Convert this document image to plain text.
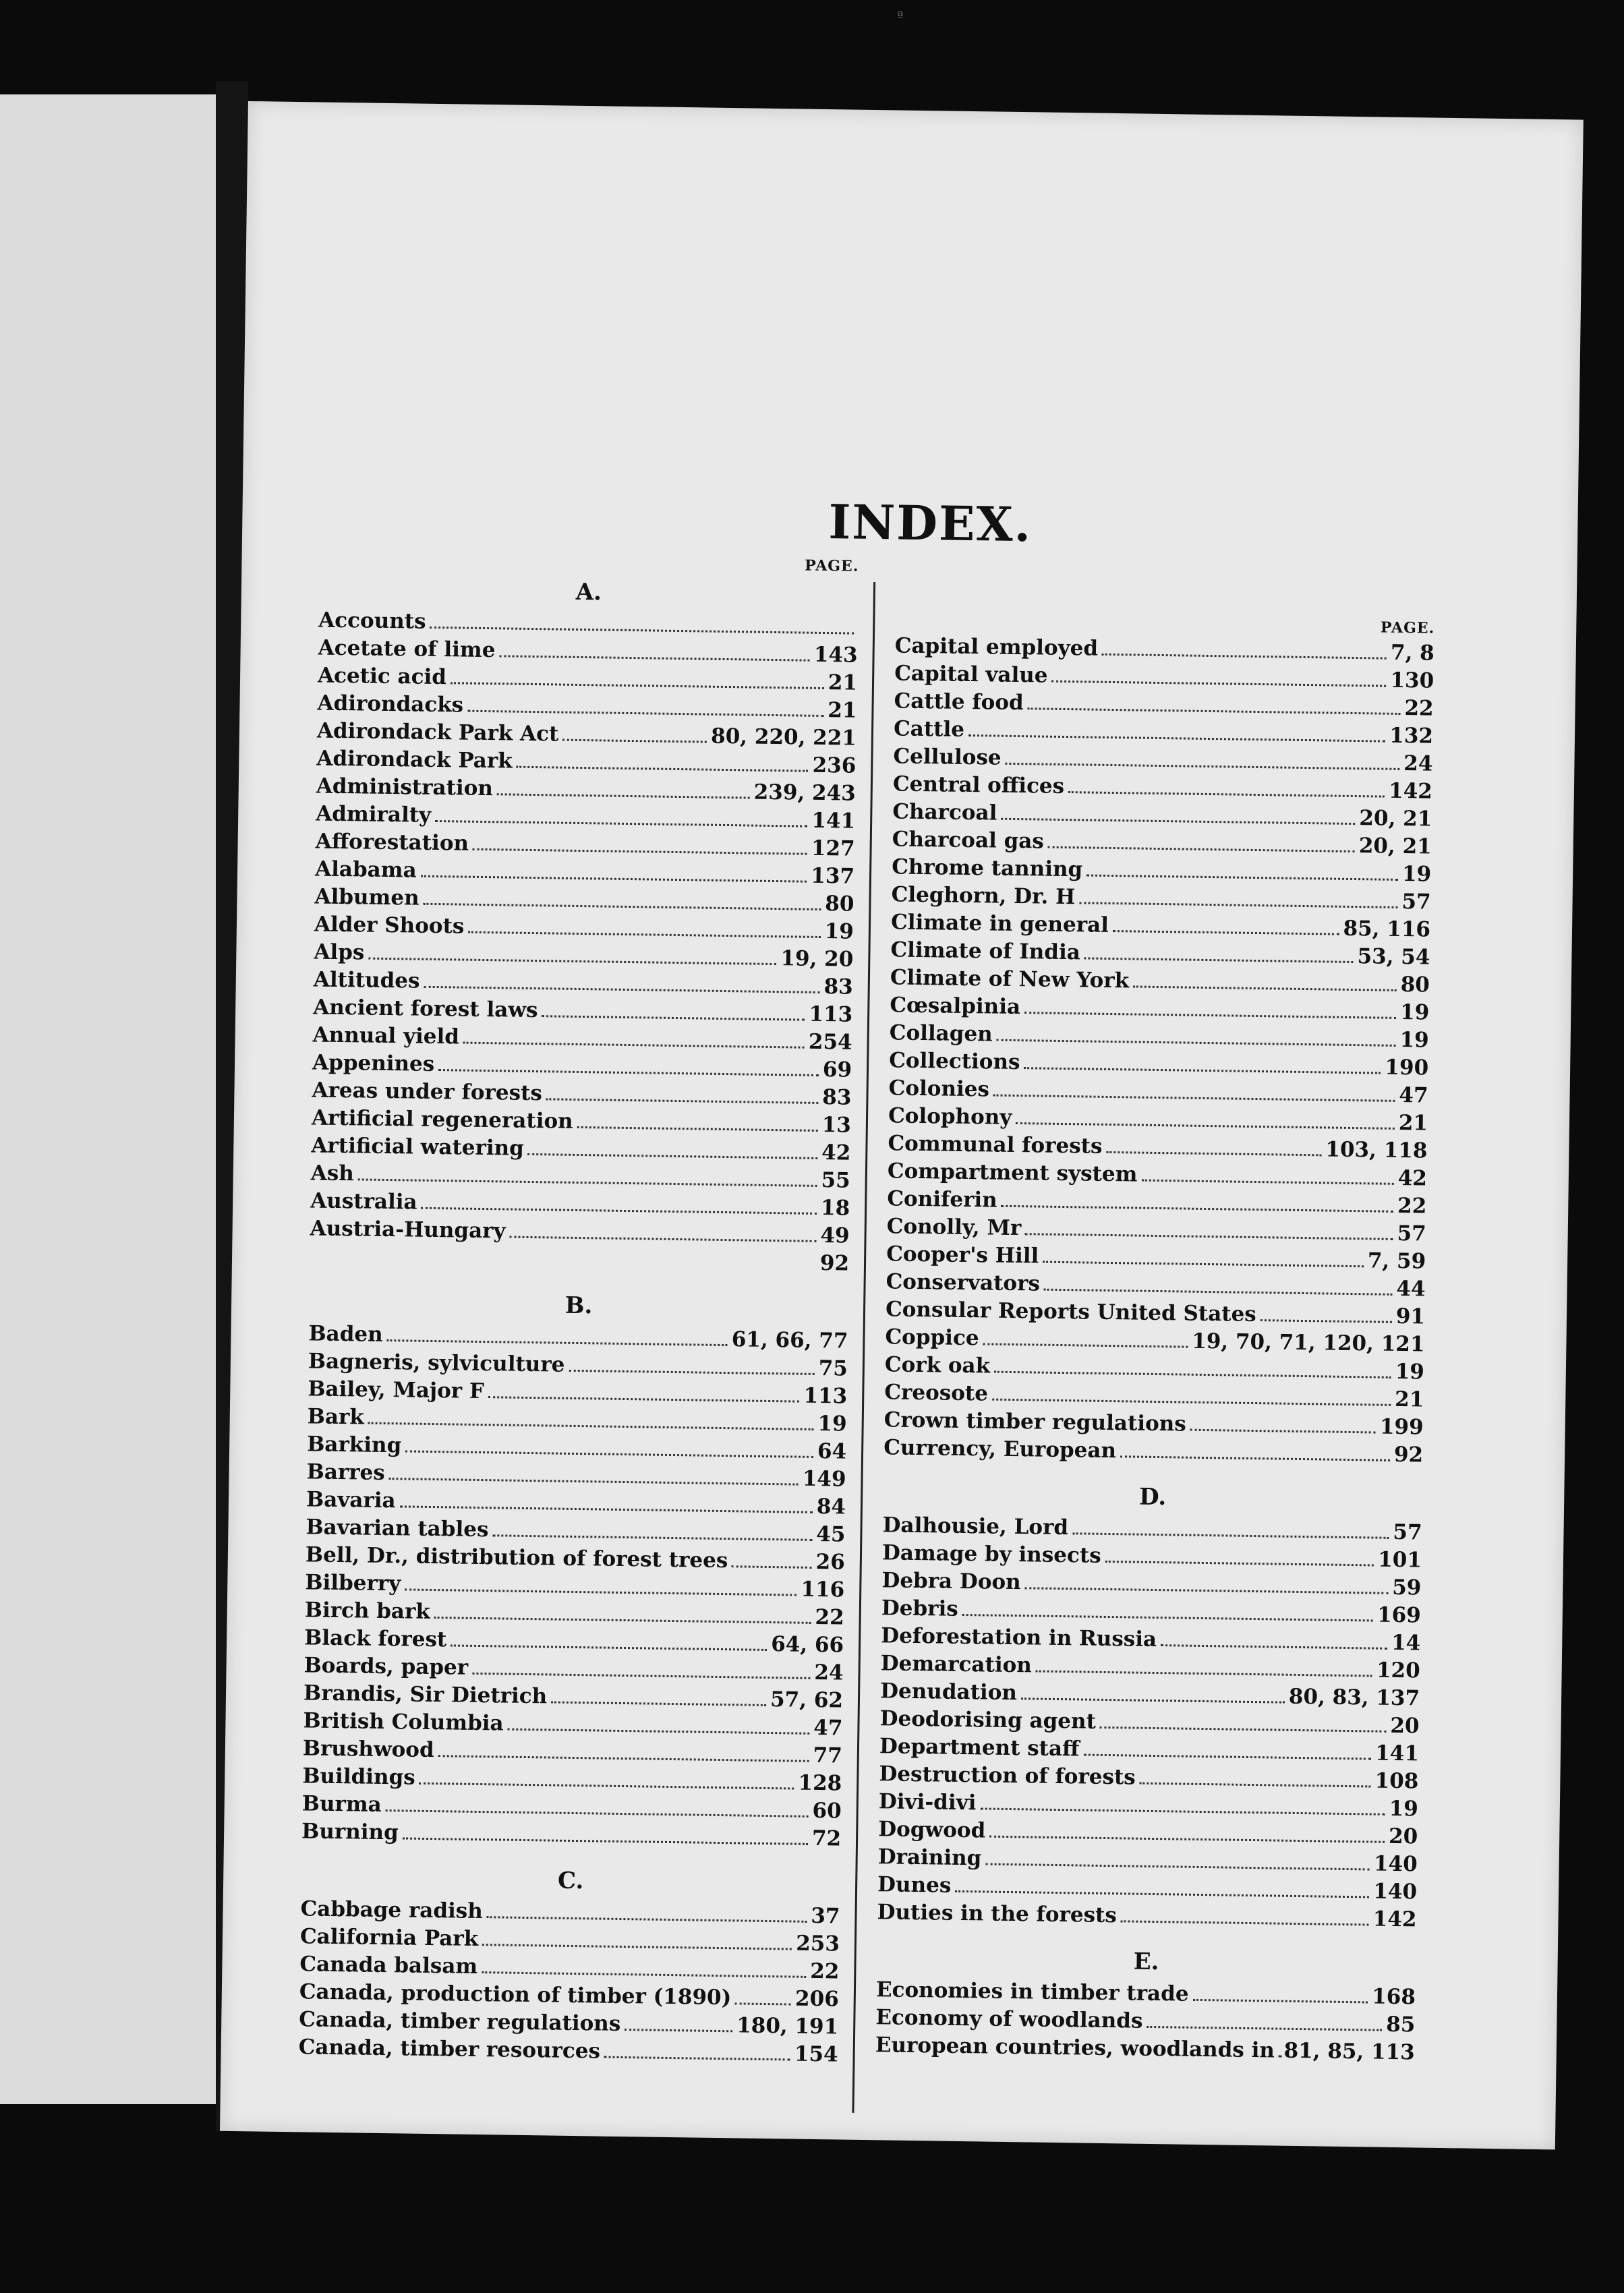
ª
INDEX.
PAGE.
A.
Accounts
Acetate of lime	143
Acetic acid	21
Adirondacks	21
Adirondack Park Act	80, 220, 221
Adirondack Park	236
Administration	239, 243
Admiralty	141
Afforestation	127
Alabama	137
Albumen	80
Alder Shoots	19
Alps	19, 20
Altitudes	83
Ancient forest laws	113
Annual yield	254
Appenines	69
Areas under forests	83
Artificial regeneration	13
Artificial watering	42
Ash	55
Australia	18
Austria-Hungary	49
92
B.
Baden	61, 66, 77
Bagneris, sylviculture	75
Bailey, Major F	113
Bark	19
Barking	64
Barres	149
Bavaria	84
Bavarian tables	45
Bell, Dr., distribution of forest trees	26
Bilberry	116
Birch bark	22
Black forest	64, 66
Boards, paper	24
Brandis, Sir Dietrich	57, 62
British Columbia	47
Brushwood	77
Buildings	128
Burma	60
Burning	72
C.
Cabbage radish	37
California Park	253
Canada balsam	22
Canada, production of timber (1890)	206
Canada, timber regulations	180, 191
Canada, timber resources	154
PAGE.
Capital employed	7, 8
Capital value	130
Cattle food	22
Cattle	132
Cellulose	24
Central offices	142
Charcoal	20, 21
Charcoal gas	20, 21
Chrome tanning	19
Cleghorn, Dr. H	57
Climate in general	85, 116
Climate of India	53, 54
Climate of New York	80
Cœsalpinia	19
Collagen	19
Collections	190
Colonies	47
Colophony	21
Communal forests	103, 118
Compartment system	42
Coniferin	22
Conolly, Mr	57
Cooper's Hill	7, 59
Conservators	44
Consular Reports United States	91
Coppice	19, 70, 71, 120, 121
Cork oak	19
Creosote	21
Crown timber regulations	199
Currency, European	92
D.
Dalhousie, Lord	57
Damage by insects	101
Debra Doon	59
Debris	169
Deforestation in Russia	14
Demarcation	120
Denudation	80, 83, 137
Deodorising agent	20
Department staff	141
Destruction of forests	108
Divi-divi	19
Dogwood	20
Draining	140
Dunes	140
Duties in the forests	142
E.
Economies in timber trade	168
Economy of woodlands	85
European countries, woodlands in 81, 85, 113
